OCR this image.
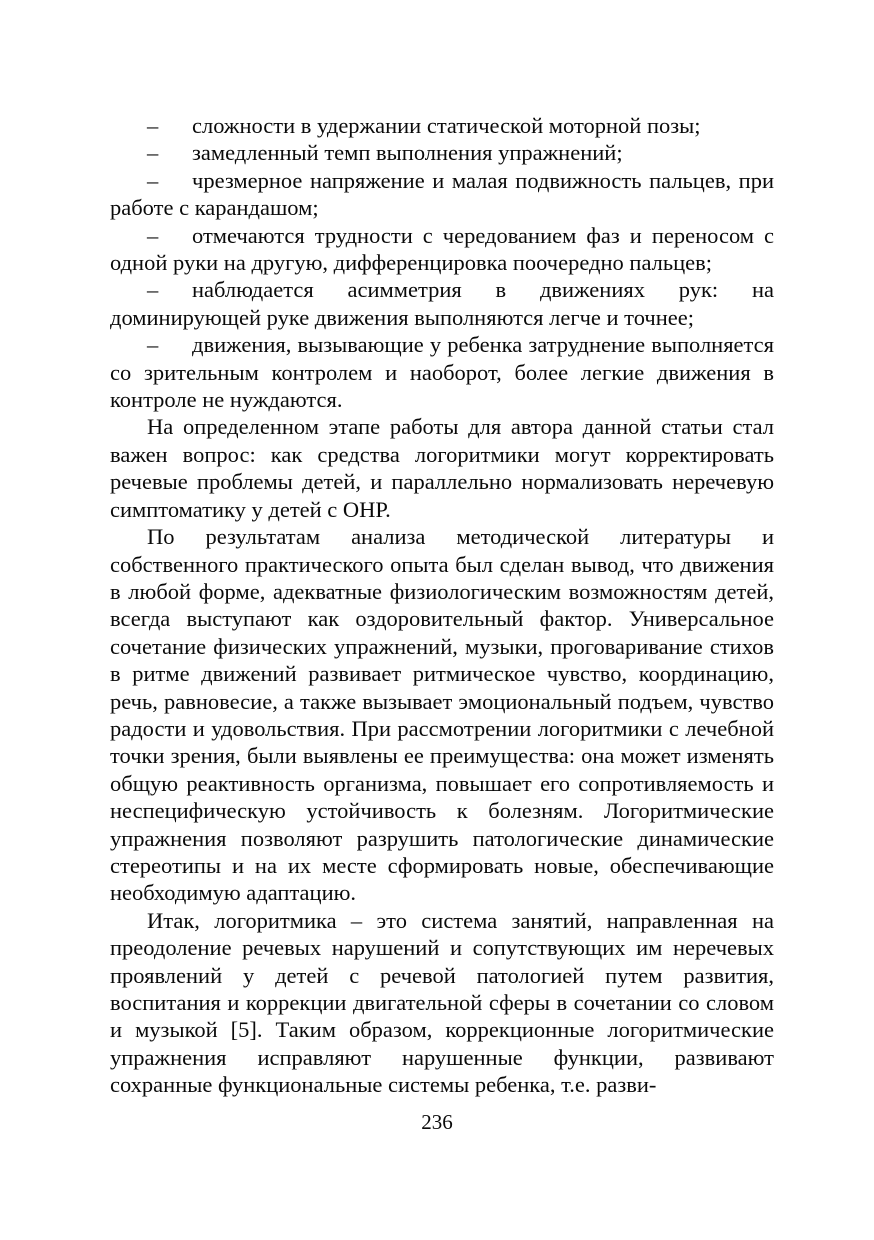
– сложности в удержании статической моторной позы;

– замедленный темп выполнения упражнений;

– чрезмерное напряжение и малая подвижность пальцев, при работе с карандашом;

– отмечаются трудности с чередованием фаз и переносом с одной руки на другую, дифференцировка поочередно пальцев;

– наблюдается асимметрия в движениях рук: на доминирующей руке движения выполняются легче и точнее;

– движения, вызывающие у ребенка затруднение выполняется со зрительным контролем и наоборот, более легкие движения в контроле не нуждаются.

На определенном этапе работы для автора данной статьи стал важен вопрос: как средства логоритмики могут корректировать речевые проблемы детей, и параллельно нормализовать неречевую симптоматику у детей с ОНР.

По результатам анализа методической литературы и собственного практического опыта был сделан вывод, что движения в любой форме, адекватные физиологическим возможностям детей, всегда выступают как оздоровительный фактор. Универсальное сочетание физических упражнений, музыки, проговаривание стихов в ритме движений развивает ритмическое чувство, координацию, речь, равновесие, а также вызывает эмоциональный подъем, чувство радости и удовольствия. При рассмотрении логоритмики с лечебной точки зрения, были выявлены ее преимущества: она может изменять общую реактивность организма, повышает его сопротивляемость и неспецифическую устойчивость к болезням. Логоритмические упражнения позволяют разрушить патологические динамические стереотипы и на их месте сформировать новые, обеспечивающие необходимую адаптацию.

Итак, логоритмика – это система занятий, направленная на преодоление речевых нарушений и сопутствующих им неречевых проявлений у детей с речевой патологией путем развития, воспитания и коррекции двигательной сферы в сочетании со словом и музыкой [5]. Таким образом, коррекционные логоритмические упражнения исправляют нарушенные функции, развивают сохранные функциональные системы ребенка, т.е. разви-

236
